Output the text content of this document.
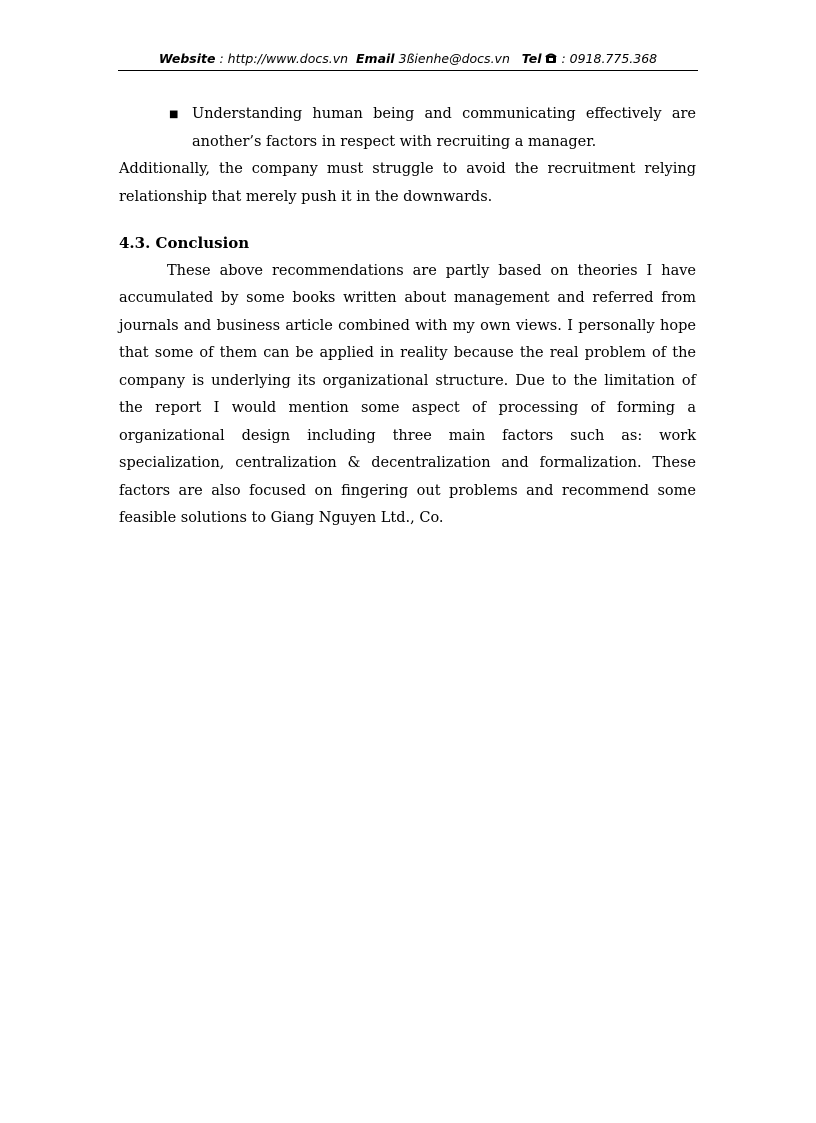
Website : http://www.docs.vn Email 3ßienhe@docs.vn Tel  : 0918.775.368
■ Understanding human being and communicating effectively are another’s factors in respect with recruiting a manager.

Additionally, the company must struggle to avoid the recruitment relying relationship that merely push it in the downwards.

4.3. Conclusion

These above recommendations are partly based on theories I have accumulated by some books written about management and referred from journals and business article combined with my own views. I personally hope that some of them can be applied in reality because the real problem of the company is underlying its organizational structure. Due to the limitation of the report I would mention some aspect of processing of forming a organizational design including three main factors such as: work specialization, centralization & decentralization and formalization. These factors are also focused on fingering out problems and recommend some feasible solutions to Giang Nguyen Ltd., Co.
